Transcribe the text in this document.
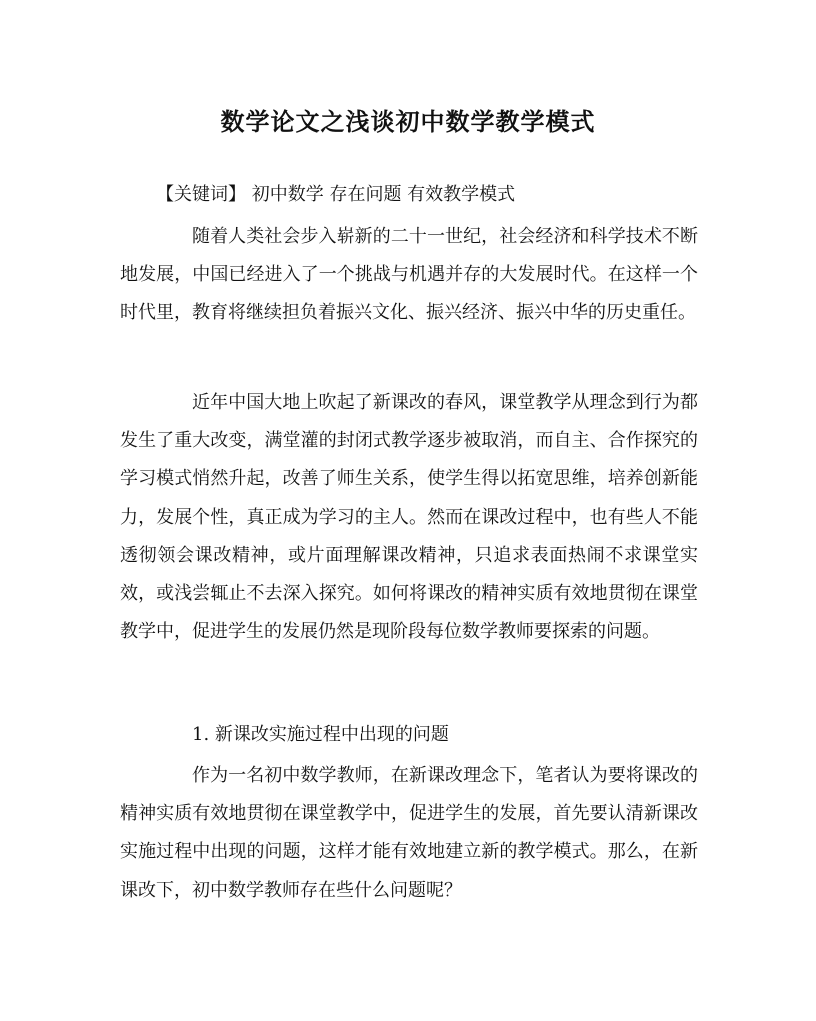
数学论文之浅谈初中数学教学模式

【关键词】 初中数学 存在问题 有效教学模式

随着人类社会步入崭新的二十一世纪，社会经济和科学技术不断地发展，中国已经进入了一个挑战与机遇并存的大发展时代。在这样一个时代里，教育将继续担负着振兴文化、振兴经济、振兴中华的历史重任。

近年中国大地上吹起了新课改的春风，课堂教学从理念到行为都发生了重大改变，满堂灌的封闭式教学逐步被取消，而自主、合作探究的学习模式悄然升起，改善了师生关系，使学生得以拓宽思维，培养创新能力，发展个性，真正成为学习的主人。然而在课改过程中，也有些人不能透彻领会课改精神，或片面理解课改精神，只追求表面热闹不求课堂实效，或浅尝辄止不去深入探究。如何将课改的精神实质有效地贯彻在课堂教学中，促进学生的发展仍然是现阶段每位数学教师要探索的问题。

1. 新课改实施过程中出现的问题

作为一名初中数学教师，在新课改理念下，笔者认为要将课改的精神实质有效地贯彻在课堂教学中，促进学生的发展，首先要认清新课改实施过程中出现的问题，这样才能有效地建立新的教学模式。那么，在新课改下，初中数学教师存在些什么问题呢？
